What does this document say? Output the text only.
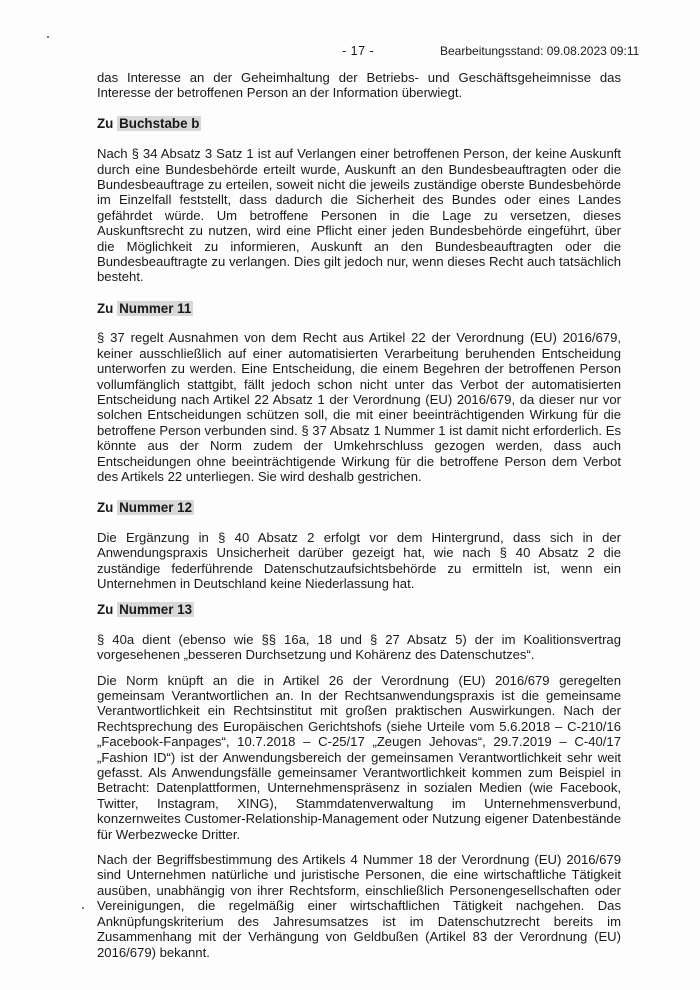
- 17 -	Bearbeitungsstand: 09.08.2023 09:11

das Interesse an der Geheimhaltung der Betriebs- und Geschäftsgeheimnisse das Interesse der betroffenen Person an der Information überwiegt.

Zu Buchstabe b

Nach § 34 Absatz 3 Satz 1 ist auf Verlangen einer betroffenen Person, der keine Auskunft durch eine Bundesbehörde erteilt wurde, Auskunft an den Bundesbeauftragten oder die Bundesbeauftrage zu erteilen, soweit nicht die jeweils zuständige oberste Bundesbehörde im Einzelfall feststellt, dass dadurch die Sicherheit des Bundes oder eines Landes gefährdet würde. Um betroffene Personen in die Lage zu versetzen, dieses Auskunftsrecht zu nutzen, wird eine Pflicht einer jeden Bundesbehörde eingeführt, über die Möglichkeit zu informieren, Auskunft an den Bundesbeauftragten oder die Bundesbeauftragte zu verlangen. Dies gilt jedoch nur, wenn dieses Recht auch tatsächlich besteht.

Zu Nummer 11

§ 37 regelt Ausnahmen von dem Recht aus Artikel 22 der Verordnung (EU) 2016/679, keiner ausschließlich auf einer automatisierten Verarbeitung beruhenden Entscheidung unterworfen zu werden. Eine Entscheidung, die einem Begehren der betroffenen Person vollumfänglich stattgibt, fällt jedoch schon nicht unter das Verbot der automatisierten Entscheidung nach Artikel 22 Absatz 1 der Verordnung (EU) 2016/679, da dieser nur vor solchen Entscheidungen schützen soll, die mit einer beeinträchtigenden Wirkung für die betroffene Person verbunden sind. § 37 Absatz 1 Nummer 1 ist damit nicht erforderlich. Es könnte aus der Norm zudem der Umkehrschluss gezogen werden, dass auch Entscheidungen ohne beeinträchtigende Wirkung für die betroffene Person dem Verbot des Artikels 22 unterliegen. Sie wird deshalb gestrichen.

Zu Nummer 12

Die Ergänzung in § 40 Absatz 2 erfolgt vor dem Hintergrund, dass sich in der Anwendungspraxis Unsicherheit darüber gezeigt hat, wie nach § 40 Absatz 2 die zuständige federführende Datenschutzaufsichtsbehörde zu ermitteln ist, wenn ein Unternehmen in Deutschland keine Niederlassung hat.

Zu Nummer 13

§ 40a dient (ebenso wie §§ 16a, 18 und § 27 Absatz 5) der im Koalitionsvertrag vorgesehenen „besseren Durchsetzung und Kohärenz des Datenschutzes“.

Die Norm knüpft an die in Artikel 26 der Verordnung (EU) 2016/679 geregelten gemeinsam Verantwortlichen an. In der Rechtsanwendungspraxis ist die gemeinsame Verantwortlichkeit ein Rechtsinstitut mit großen praktischen Auswirkungen. Nach der Rechtsprechung des Europäischen Gerichtshofs (siehe Urteile vom 5.6.2018 – C-210/16 „Facebook-Fanpages“, 10.7.2018 – C-25/17 „Zeugen Jehovas“, 29.7.2019 – C-40/17 „Fashion ID“) ist der Anwendungsbereich der gemeinsamen Verantwortlichkeit sehr weit gefasst. Als Anwendungsfälle gemeinsamer Verantwortlichkeit kommen zum Beispiel in Betracht: Datenplattformen, Unternehmenspräsenz in sozialen Medien (wie Facebook, Twitter, Instagram, XING), Stammdatenverwaltung im Unternehmensverbund, konzernweites Customer-Relationship-Management oder Nutzung eigener Datenbestände für Werbezwecke Dritter.

Nach der Begriffsbestimmung des Artikels 4 Nummer 18 der Verordnung (EU) 2016/679 sind Unternehmen natürliche und juristische Personen, die eine wirtschaftliche Tätigkeit ausüben, unabhängig von ihrer Rechtsform, einschließlich Personengesellschaften oder Vereinigungen, die regelmäßig einer wirtschaftlichen Tätigkeit nachgehen. Das Anknüpfungskriterium des Jahresumsatzes ist im Datenschutzrecht bereits im Zusammenhang mit der Verhängung von Geldbußen (Artikel 83 der Verordnung (EU) 2016/679) bekannt.
